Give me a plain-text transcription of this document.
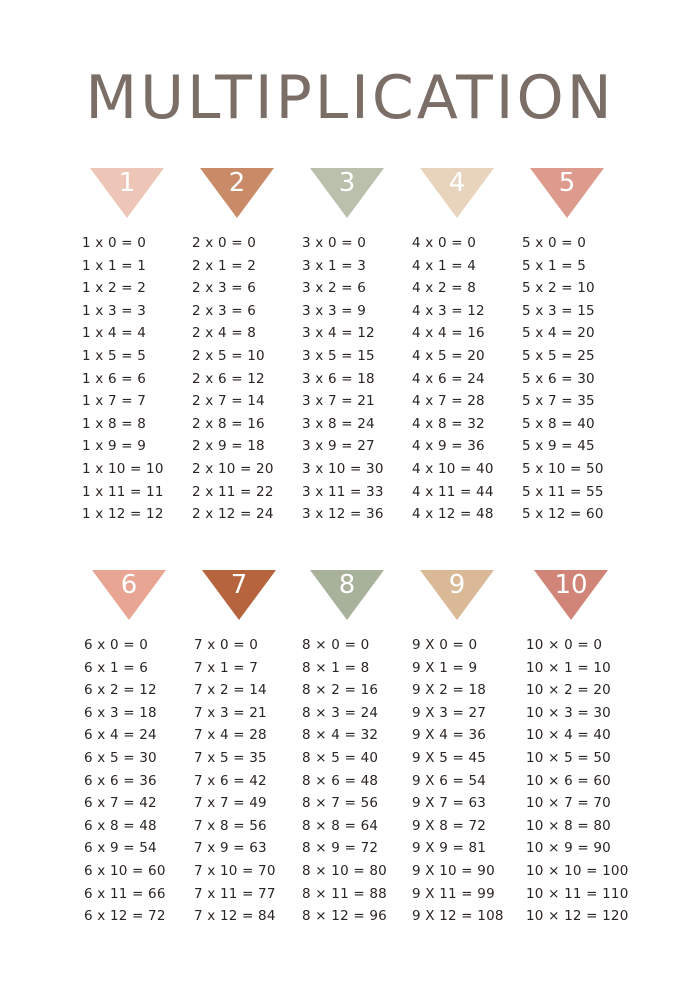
MULTIPLICATION
1
1 x 0 = 0
1 x 1 = 1
1 x 2 = 2
1 x 3 = 3
1 x 4 = 4
1 x 5 = 5
1 x 6 = 6
1 x 7 = 7
1 x 8 = 8
1 x 9 = 9
1 x 10 = 10
1 x 11 = 11
1 x 12 = 12
2
2 x 0 = 0
2 x 1 = 2
2 x 3 = 6
2 x 3 = 6
2 x 4 = 8
2 x 5 = 10
2 x 6 = 12
2 x 7 = 14
2 x 8 = 16
2 x 9 = 18
2 x 10 = 20
2 x 11 = 22
2 x 12 = 24
3
3 x 0 = 0
3 x 1 = 3
3 x 2 = 6
3 x 3 = 9
3 x 4 = 12
3 x 5 = 15
3 x 6 = 18
3 x 7 = 21
3 x 8 = 24
3 x 9 = 27
3 x 10 = 30
3 x 11 = 33
3 x 12 = 36
4
4 x 0 = 0
4 x 1 = 4
4 x 2 = 8
4 x 3 = 12
4 x 4 = 16
4 x 5 = 20
4 x 6 = 24
4 x 7 = 28
4 x 8 = 32
4 x 9 = 36
4 x 10 = 40
4 x 11 = 44
4 x 12 = 48
5
5 x 0 = 0
5 x 1 = 5
5 x 2 = 10
5 x 3 = 15
5 x 4 = 20
5 x 5 = 25
5 x 6 = 30
5 x 7 = 35
5 x 8 = 40
5 x 9 = 45
5 x 10 = 50
5 x 11 = 55
5 x 12 = 60
6
6 x 0 = 0
6 x 1 = 6
6 x 2 = 12
6 x 3 = 18
6 x 4 = 24
6 x 5 = 30
6 x 6 = 36
6 x 7 = 42
6 x 8 = 48
6 x 9 = 54
6 x 10 = 60
6 x 11 = 66
6 x 12 = 72
7
7 x 0 = 0
7 x 1 = 7
7 x 2 = 14
7 x 3 = 21
7 x 4 = 28
7 x 5 = 35
7 x 6 = 42
7 x 7 = 49
7 x 8 = 56
7 x 9 = 63
7 x 10 = 70
7 x 11 = 77
7 x 12 = 84
8
8 × 0 = 0
8 × 1 = 8
8 × 2 = 16
8 × 3 = 24
8 × 4 = 32
8 × 5 = 40
8 × 6 = 48
8 × 7 = 56
8 × 8 = 64
8 × 9 = 72
8 × 10 = 80
8 × 11 = 88
8 × 12 = 96
9
9 X 0 = 0
9 X 1 = 9
9 X 2 = 18
9 X 3 = 27
9 X 4 = 36
9 X 5 = 45
9 X 6 = 54
9 X 7 = 63
9 X 8 = 72
9 X 9 = 81
9 X 10 = 90
9 X 11 = 99
9 X 12 = 108
10
10 × 0 = 0
10 × 1 = 10
10 × 2 = 20
10 × 3 = 30
10 × 4 = 40
10 × 5 = 50
10 × 6 = 60
10 × 7 = 70
10 × 8 = 80
10 × 9 = 90
10 × 10 = 100
10 × 11 = 110
10 × 12 = 120
